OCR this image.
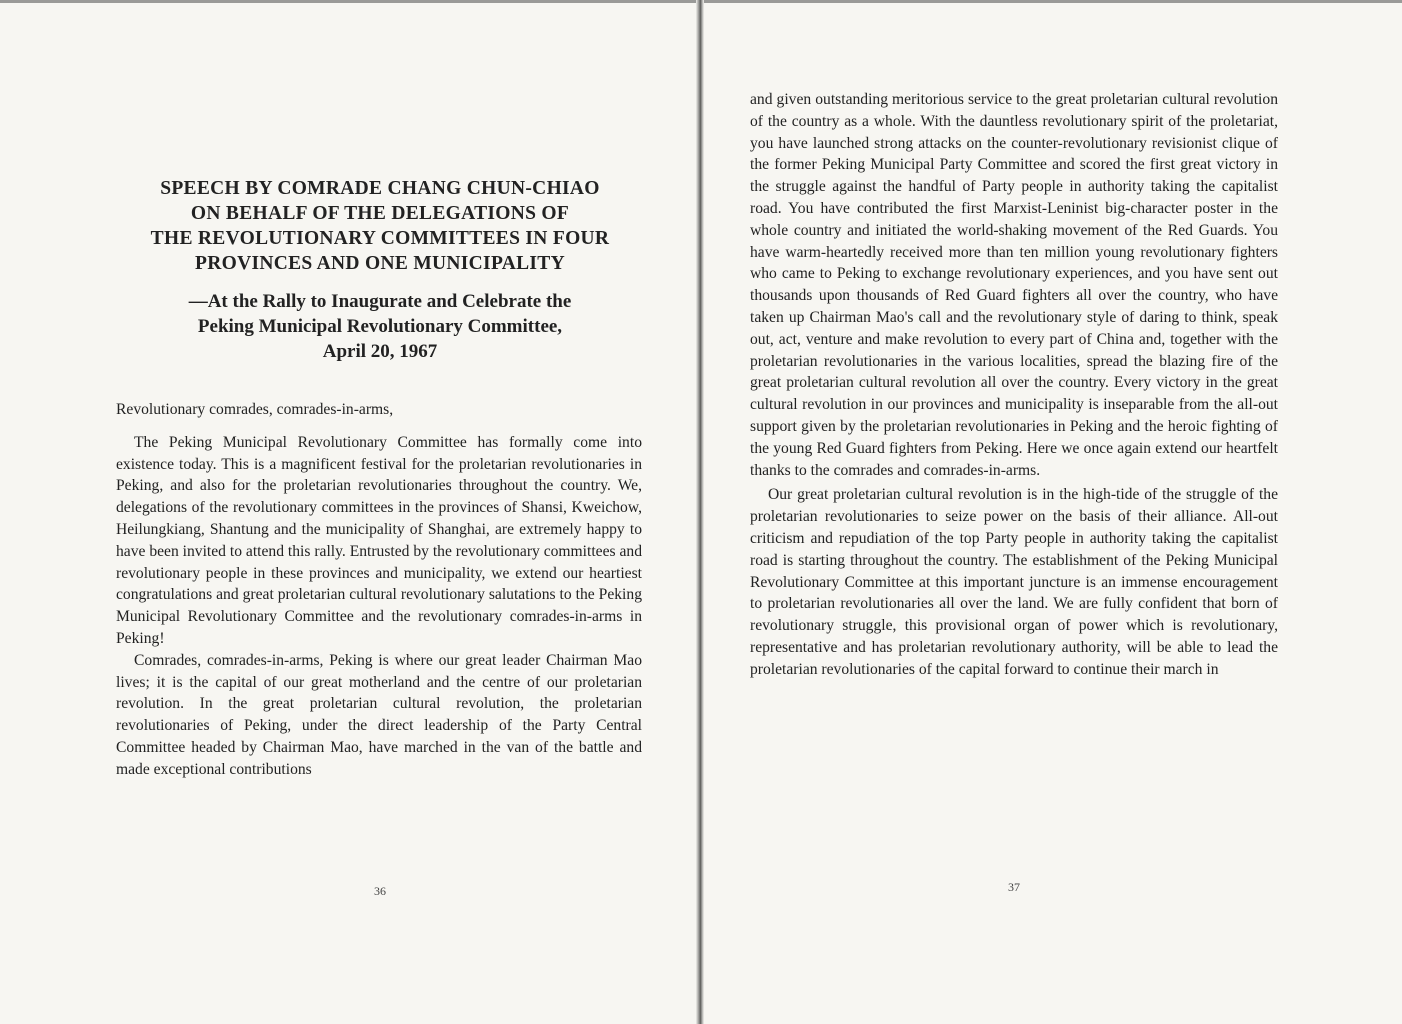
SPEECH BY COMRADE CHANG CHUN-CHIAO
ON BEHALF OF THE DELEGATIONS OF
THE REVOLUTIONARY COMMITTEES IN FOUR
PROVINCES AND ONE MUNICIPALITY
—At the Rally to Inaugurate and Celebrate the
Peking Municipal Revolutionary Committee,
April 20, 1967

Revolutionary comrades, comrades-in-arms,

The Peking Municipal Revolutionary Committee has formally come into existence today. This is a magnificent festival for the proletarian revolutionaries in Peking, and also for the proletarian revolutionaries throughout the country. We, delegations of the revolutionary committees in the provinces of Shansi, Kweichow, Heilungkiang, Shantung and the municipality of Shanghai, are extremely happy to have been invited to attend this rally. Entrusted by the revolutionary committees and revolutionary people in these provinces and municipality, we extend our heartiest congratulations and great proletarian cultural revolutionary salutations to the Peking Municipal Revolutionary Committee and the revolutionary comrades-in-arms in Peking!

Comrades, comrades-in-arms, Peking is where our great leader Chairman Mao lives; it is the capital of our great motherland and the centre of our proletarian revolution. In the great proletarian cultural revolution, the proletarian revolutionaries of Peking, under the direct leadership of the Party Central Committee headed by Chairman Mao, have marched in the van of the battle and made exceptional contributions

36

and given outstanding meritorious service to the great proletarian cultural revolution of the country as a whole. With the dauntless revolutionary spirit of the proletariat, you have launched strong attacks on the counter-revolutionary revisionist clique of the former Peking Municipal Party Committee and scored the first great victory in the struggle against the handful of Party people in authority taking the capitalist road. You have contributed the first Marxist-Leninist big-character poster in the whole country and initiated the world-shaking movement of the Red Guards. You have warm-heartedly received more than ten million young revolutionary fighters who came to Peking to exchange revolutionary experiences, and you have sent out thousands upon thousands of Red Guard fighters all over the country, who have taken up Chairman Mao's call and the revolutionary style of daring to think, speak out, act, venture and make revolution to every part of China and, together with the proletarian revolutionaries in the various localities, spread the blazing fire of the great proletarian cultural revolution all over the country. Every victory in the great cultural revolution in our provinces and municipality is inseparable from the all-out support given by the proletarian revolutionaries in Peking and the heroic fighting of the young Red Guard fighters from Peking. Here we once again extend our heartfelt thanks to the comrades and comrades-in-arms.

Our great proletarian cultural revolution is in the high-tide of the struggle of the proletarian revolutionaries to seize power on the basis of their alliance. All-out criticism and repudiation of the top Party people in authority taking the capitalist road is starting throughout the country. The establishment of the Peking Municipal Revolutionary Committee at this important juncture is an immense encouragement to proletarian revolutionaries all over the land. We are fully confident that born of revolutionary struggle, this provisional organ of power which is revolutionary, representative and has proletarian revolutionary authority, will be able to lead the proletarian revolutionaries of the capital forward to continue their march in

37
